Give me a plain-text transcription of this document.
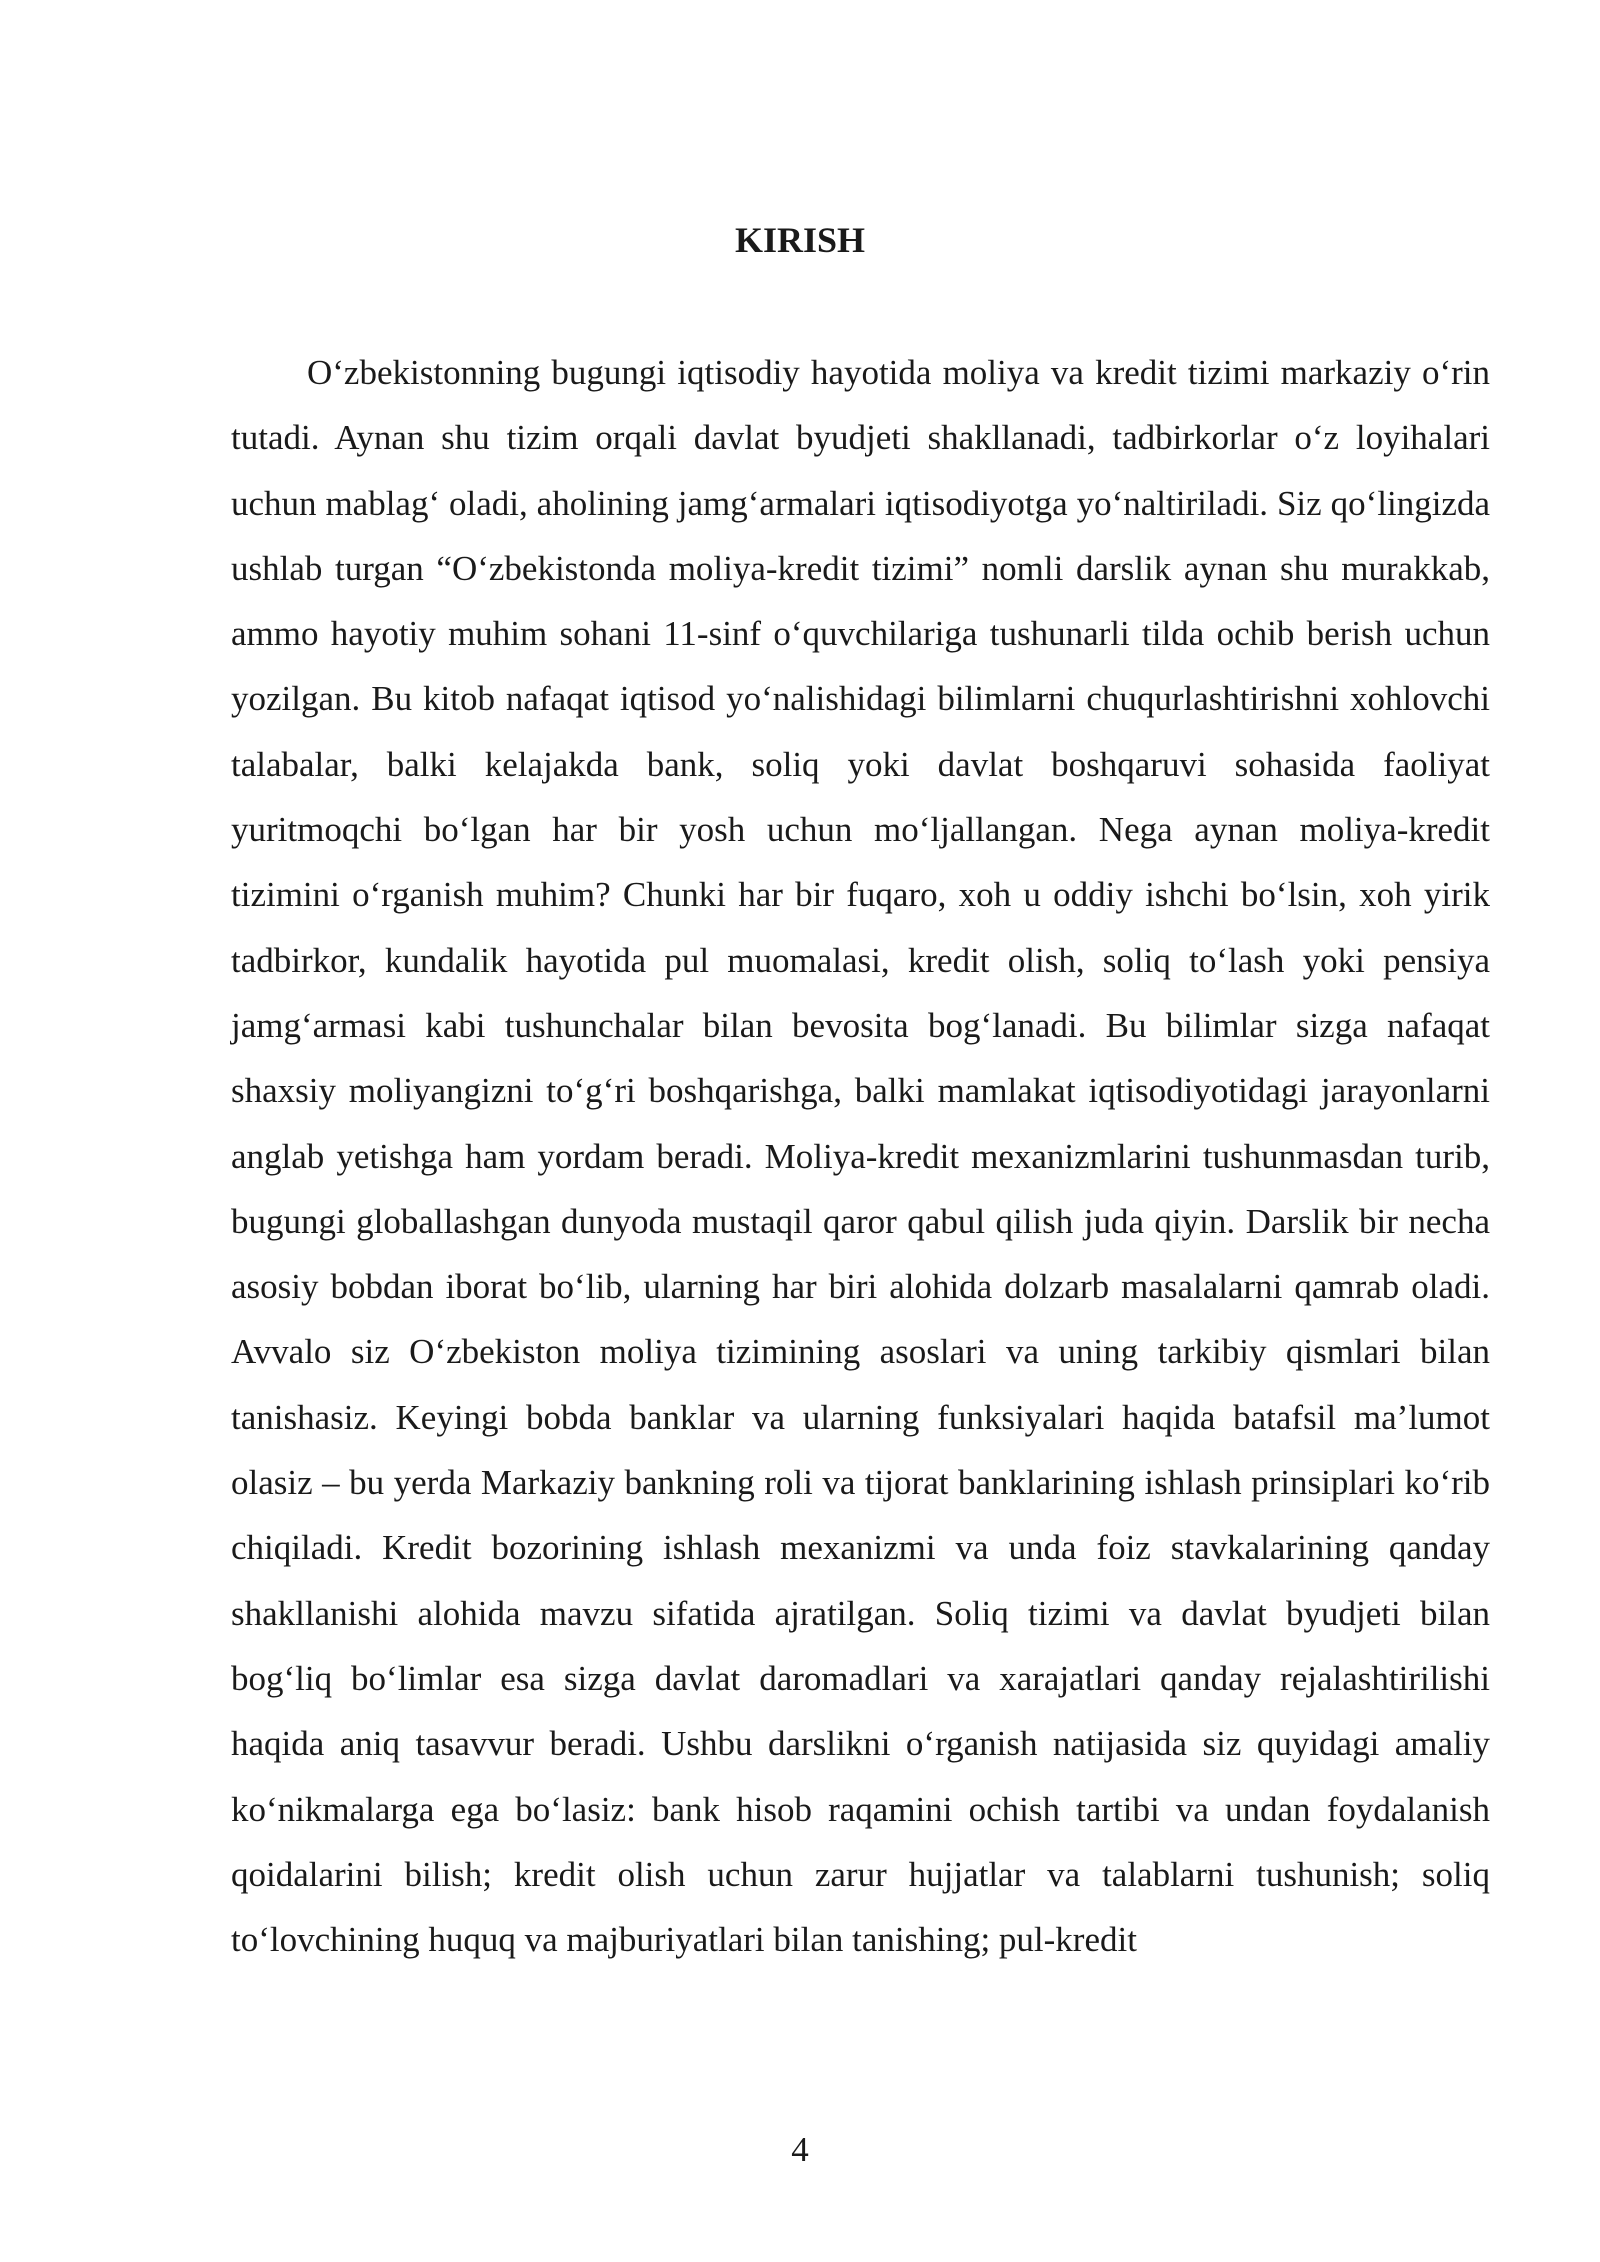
KIRISH

O‘zbekistonning bugungi iqtisodiy hayotida moliya va kredit tizimi markaziy o‘rin tutadi. Aynan shu tizim orqali davlat byudjeti shakllanadi, tadbirkorlar o‘z loyihalari uchun mablag‘ oladi, aholining jamg‘armalari iqtisodiyotga yo‘naltiriladi. Siz qo‘lingizda ushlab turgan “O‘zbekistonda moliya-kredit tizimi” nomli darslik aynan shu murakkab, ammo hayotiy muhim sohani 11-sinf o‘quvchilariga tushunarli tilda ochib berish uchun yozilgan. Bu kitob nafaqat iqtisod yo‘nalishidagi bilimlarni chuqurlashtirishni xohlovchi talabalar, balki kelajakda bank, soliq yoki davlat boshqaruvi sohasida faoliyat yuritmoqchi bo‘lgan har bir yosh uchun mo‘ljallangan. Nega aynan moliya-kredit tizimini o‘rganish muhim? Chunki har bir fuqaro, xoh u oddiy ishchi bo‘lsin, xoh yirik tadbirkor, kundalik hayotida pul muomalasi, kredit olish, soliq to‘lash yoki pensiya jamg‘armasi kabi tushunchalar bilan bevosita bog‘lanadi. Bu bilimlar sizga nafaqat shaxsiy moliyangizni to‘g‘ri boshqarishga, balki mamlakat iqtisodiyotidagi jarayonlarni anglab yetishga ham yordam beradi. Moliya-kredit mexanizmlarini tushunmasdan turib, bugungi globallashgan dunyoda mustaqil qaror qabul qilish juda qiyin. Darslik bir necha asosiy bobdan iborat bo‘lib, ularning har biri alohida dolzarb masalalarni qamrab oladi. Avvalo siz O‘zbekiston moliya tizimining asoslari va uning tarkibiy qismlari bilan tanishasiz. Keyingi bobda banklar va ularning funksiyalari haqida batafsil ma’lumot olasiz – bu yerda Markaziy bankning roli va tijorat banklarining ishlash prinsiplari ko‘rib chiqiladi. Kredit bozorining ishlash mexanizmi va unda foiz stavkalarining qanday shakllanishi alohida mavzu sifatida ajratilgan. Soliq tizimi va davlat byudjeti bilan bog‘liq bo‘limlar esa sizga davlat daromadlari va xarajatlari qanday rejalashtirilishi haqida aniq tasavvur beradi. Ushbu darslikni o‘rganish natijasida siz quyidagi amaliy ko‘nikmalarga ega bo‘lasiz: bank hisob raqamini ochish tartibi va undan foydalanish qoidalarini bilish; kredit olish uchun zarur hujjatlar va talablarni tushunish; soliq to‘lovchining huquq va majburiyatlari bilan tanishing; pul-kredit

4
